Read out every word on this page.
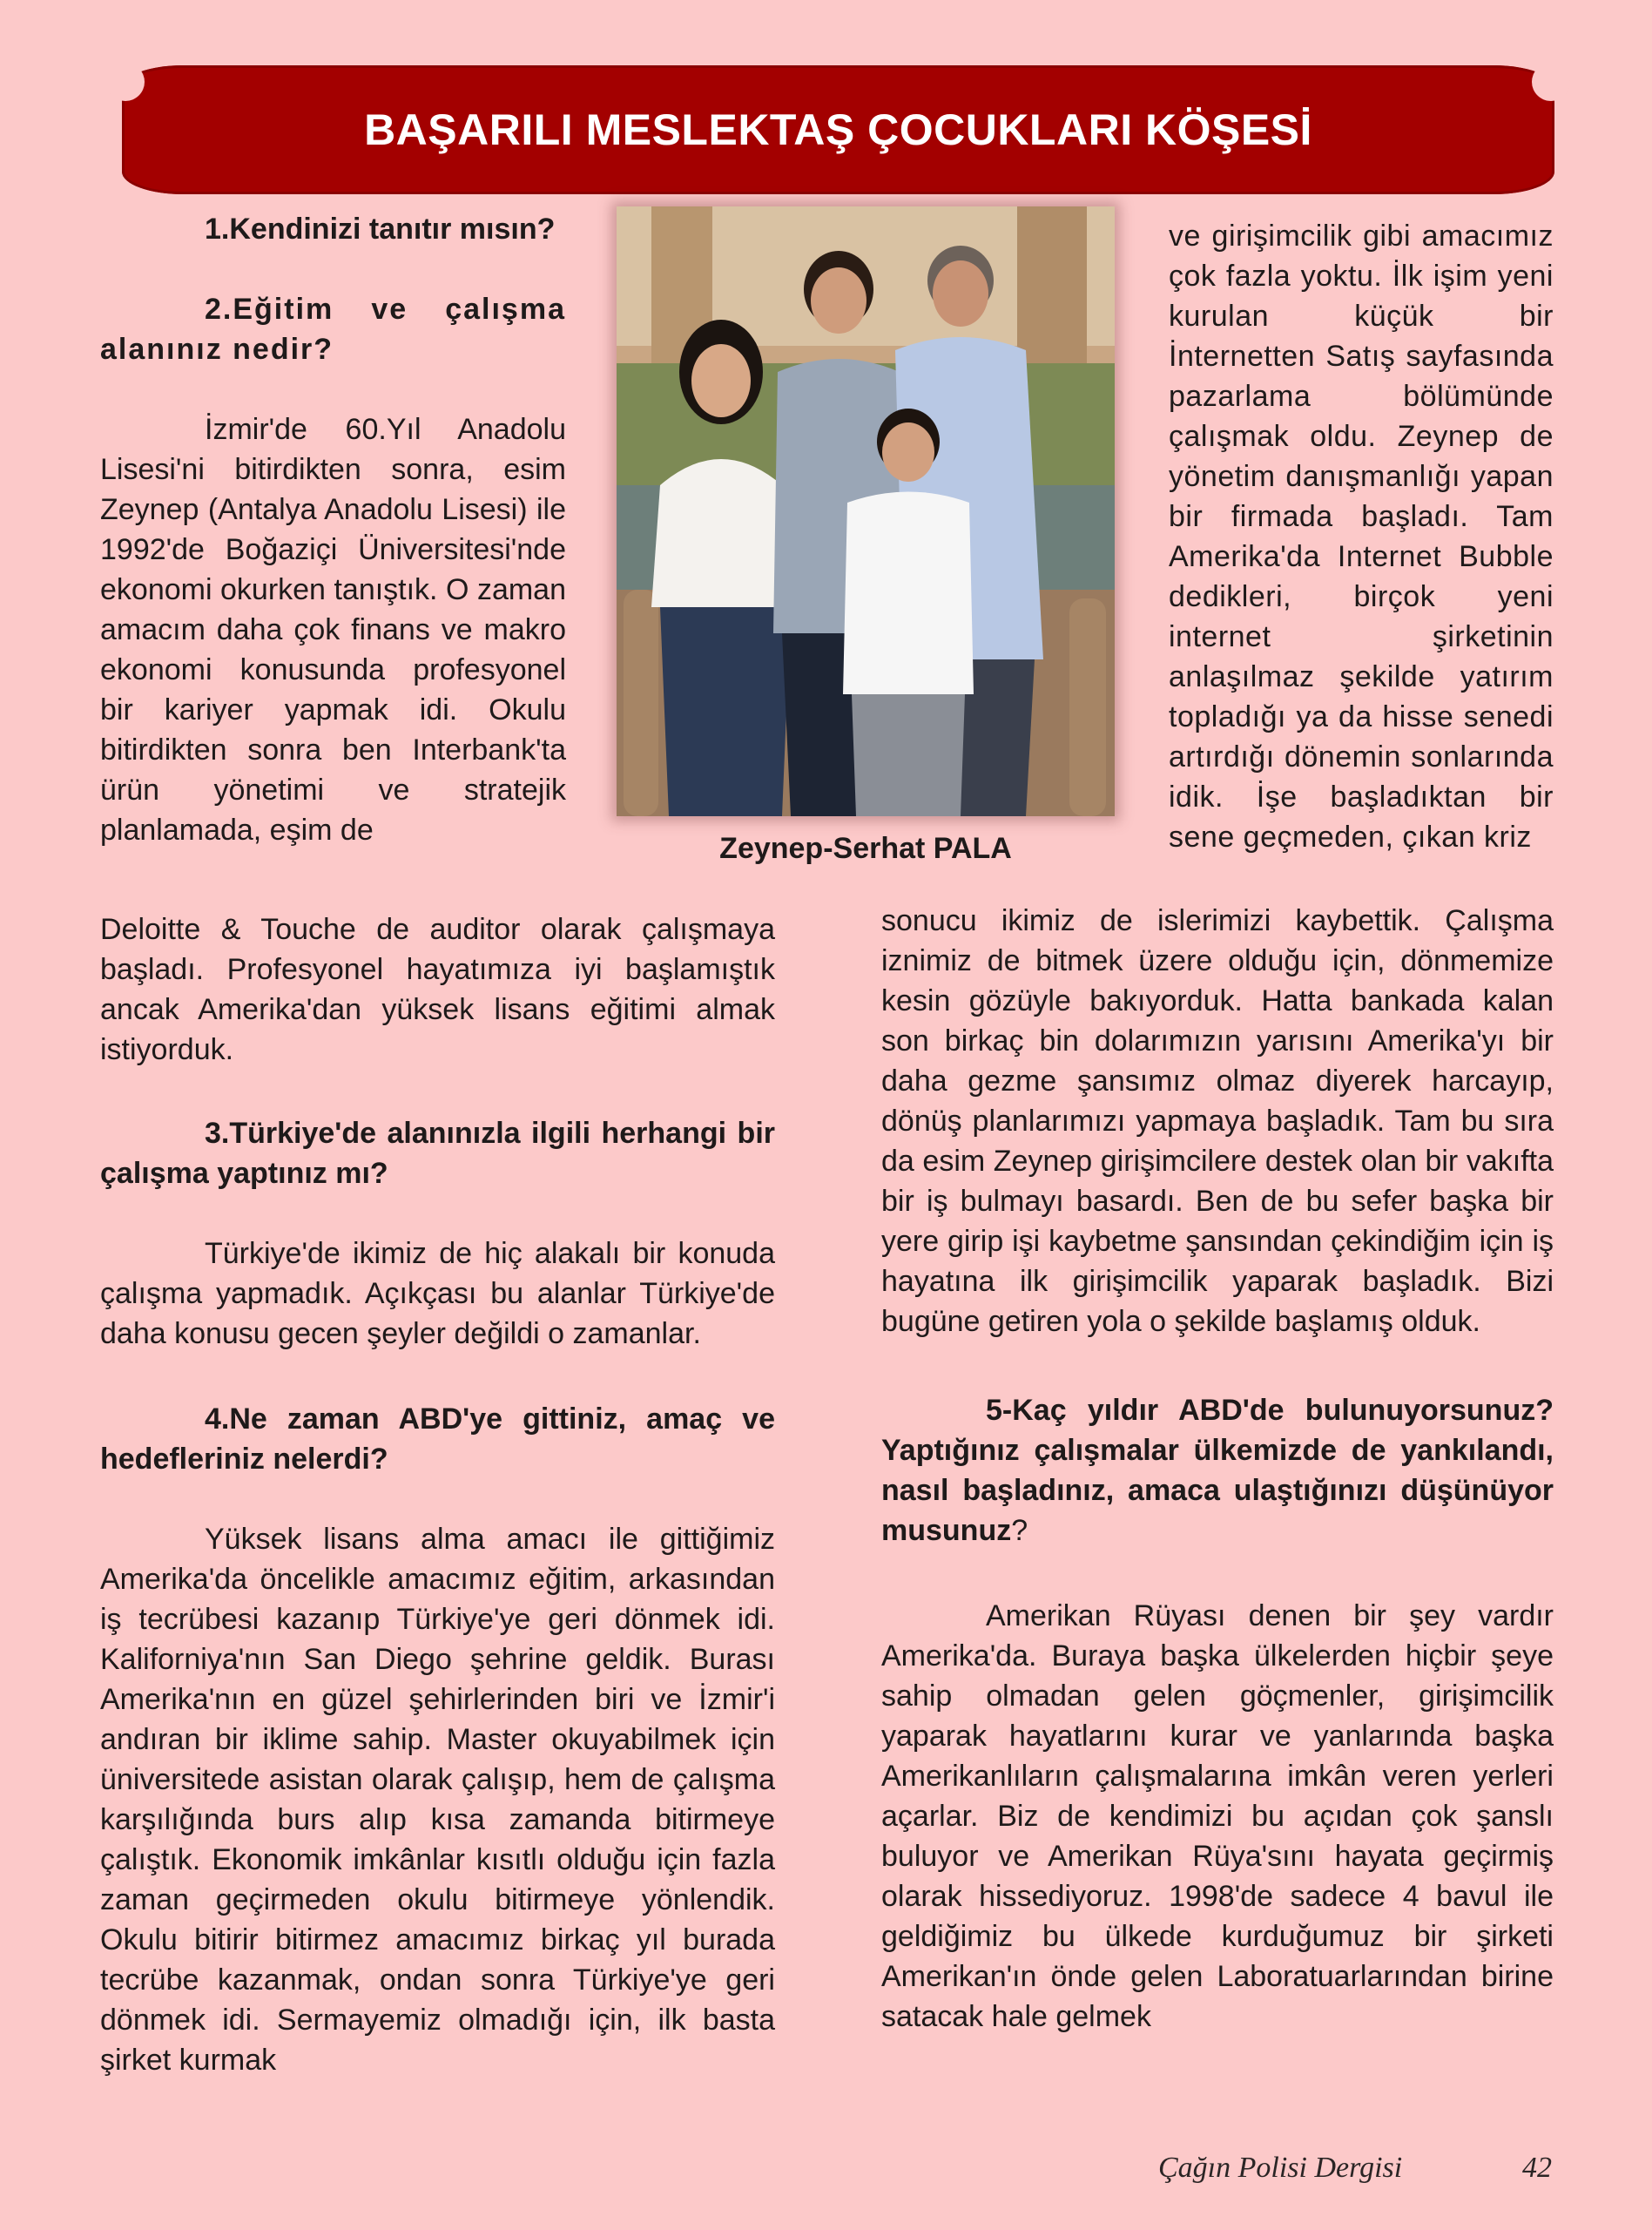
BAŞARILI MESLEKTAŞ ÇOCUKLARI KÖŞESİ

1.Kendinizi tanıtır mısın?

2.Eğitim ve çalışma alanınız nedir?

İzmir'de 60.Yıl Anadolu Lisesi'ni bitirdikten sonra, esim Zeynep (Antalya Anadolu Lisesi) ile 1992'de Boğaziçi Üniversitesi'nde ekonomi okurken tanıştık. O zaman amacım daha çok finans ve makro ekonomi konusunda profesyonel bir kariyer yapmak idi. Okulu bitirdikten sonra ben Interbank'ta ürün yönetimi ve stratejik planlamada, eşim de

Deloitte & Touche de auditor olarak çalışmaya başladı. Profesyonel hayatımıza iyi başlamıştık ancak Amerika'dan yüksek lisans eğitimi almak istiyorduk.

3.Türkiye'de alanınızla ilgili herhangi bir çalışma yaptınız mı?

Türkiye'de ikimiz de hiç alakalı bir konuda çalışma yapmadık. Açıkçası bu alanlar Türkiye'de daha konusu gecen şeyler değildi o zamanlar.

4.Ne zaman ABD'ye gittiniz, amaç ve hedefleriniz nelerdi?

Yüksek lisans alma amacı ile gittiğimiz Amerika'da öncelikle amacımız eğitim, arkasından iş tecrübesi kazanıp Türkiye'ye geri dönmek idi. Kaliforniya'nın San Diego şehrine geldik. Burası Amerika'nın en güzel şehirlerinden biri ve İzmir'i andıran bir iklime sahip. Master okuyabilmek için üniversitede asistan olarak çalışıp, hem de çalışma karşılığında burs alıp kısa zamanda bitirmeye çalıştık. Ekonomik imkânlar kısıtlı olduğu için fazla zaman geçirmeden okulu bitirmeye yönlendik. Okulu bitirir bitirmez amacımız birkaç yıl burada tecrübe kazanmak, ondan sonra Türkiye'ye geri dönmek idi. Sermayemiz olmadığı için, ilk basta şirket kurmak

Zeynep-Serhat PALA

ve girişimcilik gibi amacımız çok fazla yoktu. İlk işim yeni kurulan küçük bir İnternetten Satış sayfasında pazarlama bölümünde çalışmak oldu. Zeynep de yönetim danışmanlığı yapan bir firmada başladı. Tam Amerika'da Internet Bubble dedikleri, birçok yeni internet şirketinin anlaşılmaz şekilde yatırım topladığı ya da hisse senedi artırdığı dönemin sonlarında idik. İşe başladıktan bir sene geçmeden, çıkan kriz

sonucu ikimiz de islerimizi kaybettik. Çalışma iznimiz de bitmek üzere olduğu için, dönmemize kesin gözüyle bakıyorduk. Hatta bankada kalan son birkaç bin dolarımızın yarısını Amerika'yı bir daha gezme şansımız olmaz diyerek harcayıp, dönüş planlarımızı yapmaya başladık. Tam bu sıra da esim Zeynep girişimcilere destek olan bir vakıfta bir iş bulmayı basardı. Ben de bu sefer başka bir yere girip işi kaybetme şansından çekindiğim için iş hayatına ilk girişimcilik yaparak başladık. Bizi bugüne getiren yola o şekilde başlamış olduk.

5-Kaç yıldır ABD'de bulunuyorsunuz? Yaptığınız çalışmalar ülkemizde de yankılandı, nasıl başladınız, amaca ulaştığınızı düşünüyor musunuz?

Amerikan Rüyası denen bir şey vardır Amerika'da. Buraya başka ülkelerden hiçbir şeye sahip olmadan gelen göçmenler, girişimcilik yaparak hayatlarını kurar ve yanlarında başka Amerikanlıların çalışmalarına imkân veren yerleri açarlar. Biz de kendimizi bu açıdan çok şanslı buluyor ve Amerikan Rüya'sını hayata geçirmiş olarak hissediyoruz. 1998'de sadece 4 bavul ile geldiğimiz bu ülkede kurduğumuz bir şirketi Amerikan'ın önde gelen Laboratuarlarından birine satacak hale gelmek

Çağın Polisi Dergisi	42
